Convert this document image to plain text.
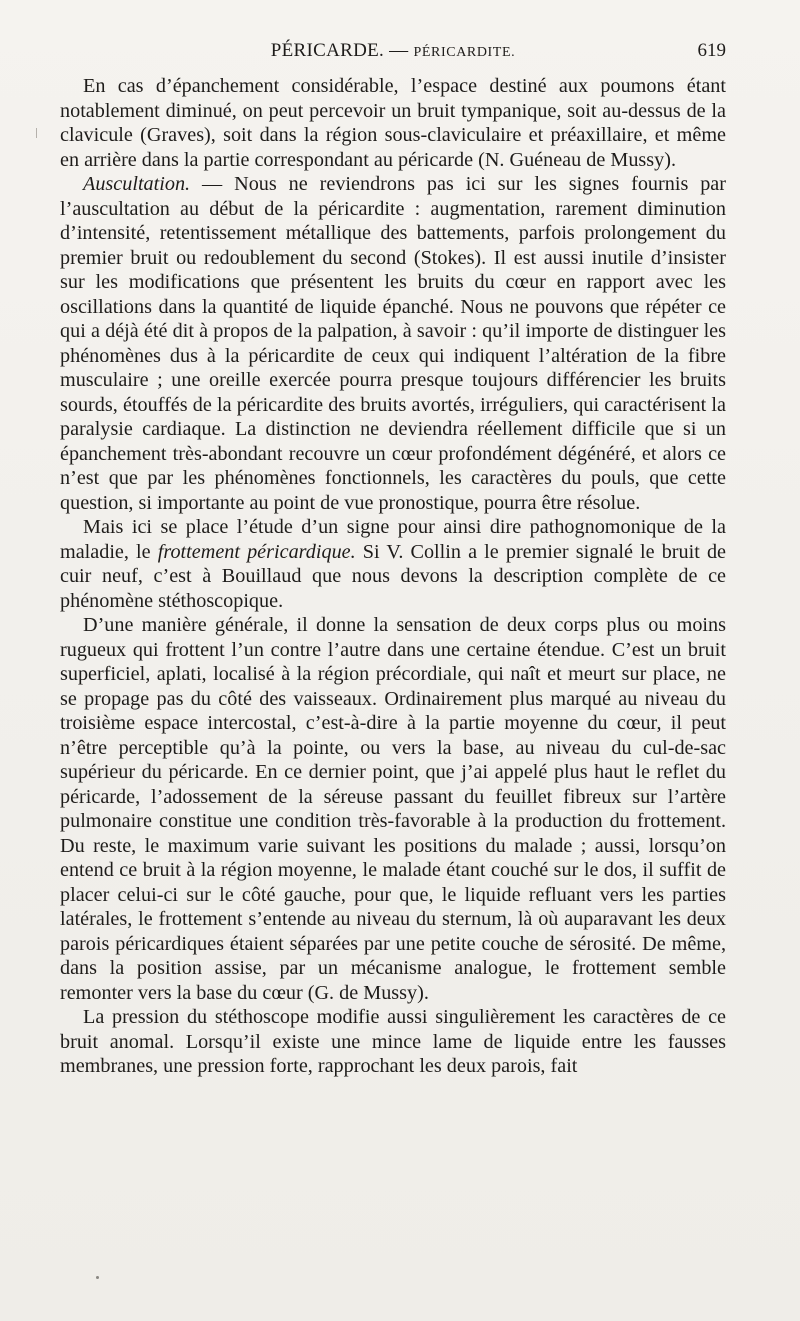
PÉRICARDE. — PÉRICARDITE.	619

En cas d’épanchement considérable, l’espace destiné aux poumons étant notablement diminué, on peut percevoir un bruit tympanique, soit au-dessus de la clavicule (Graves), soit dans la région sous-claviculaire et préaxillaire, et même en arrière dans la partie correspondant au péricarde (N. Guéneau de Mussy).

Auscultation. — Nous ne reviendrons pas ici sur les signes fournis par l’auscultation au début de la péricardite : augmentation, rarement diminution d’intensité, retentissement métallique des battements, parfois prolongement du premier bruit ou redoublement du second (Stokes). Il est aussi inutile d’insister sur les modifications que présentent les bruits du cœur en rapport avec les oscillations dans la quantité de liquide épanché. Nous ne pouvons que répéter ce qui a déjà été dit à propos de la palpation, à savoir : qu’il importe de distinguer les phénomènes dus à la péricardite de ceux qui indiquent l’altération de la fibre musculaire ; une oreille exercée pourra presque toujours différencier les bruits sourds, étouffés de la péricardite des bruits avortés, irréguliers, qui caractérisent la paralysie cardiaque. La distinction ne deviendra réellement difficile que si un épanchement très-abondant recouvre un cœur profondément dégénéré, et alors ce n’est que par les phénomènes fonctionnels, les caractères du pouls, que cette question, si importante au point de vue pronostique, pourra être résolue.

Mais ici se place l’étude d’un signe pour ainsi dire pathognomonique de la maladie, le frottement péricardique. Si V. Collin a le premier signalé le bruit de cuir neuf, c’est à Bouillaud que nous devons la description complète de ce phénomène stéthoscopique.

D’une manière générale, il donne la sensation de deux corps plus ou moins rugueux qui frottent l’un contre l’autre dans une certaine étendue. C’est un bruit superficiel, aplati, localisé à la région précordiale, qui naît et meurt sur place, ne se propage pas du côté des vaisseaux. Ordinairement plus marqué au niveau du troisième espace intercostal, c’est-à-dire à la partie moyenne du cœur, il peut n’être perceptible qu’à la pointe, ou vers la base, au niveau du cul-de-sac supérieur du péricarde. En ce dernier point, que j’ai appelé plus haut le reflet du péricarde, l’adossement de la séreuse passant du feuillet fibreux sur l’artère pulmonaire constitue une condition très-favorable à la production du frottement. Du reste, le maximum varie suivant les positions du malade ; aussi, lorsqu’on entend ce bruit à la région moyenne, le malade étant couché sur le dos, il suffit de placer celui-ci sur le côté gauche, pour que, le liquide refluant vers les parties latérales, le frottement s’entende au niveau du sternum, là où auparavant les deux parois péricardiques étaient séparées par une petite couche de sérosité. De même, dans la position assise, par un mécanisme analogue, le frottement semble remonter vers la base du cœur (G. de Mussy).

La pression du stéthoscope modifie aussi singulièrement les caractères de ce bruit anomal. Lorsqu’il existe une mince lame de liquide entre les fausses membranes, une pression forte, rapprochant les deux parois, fait
